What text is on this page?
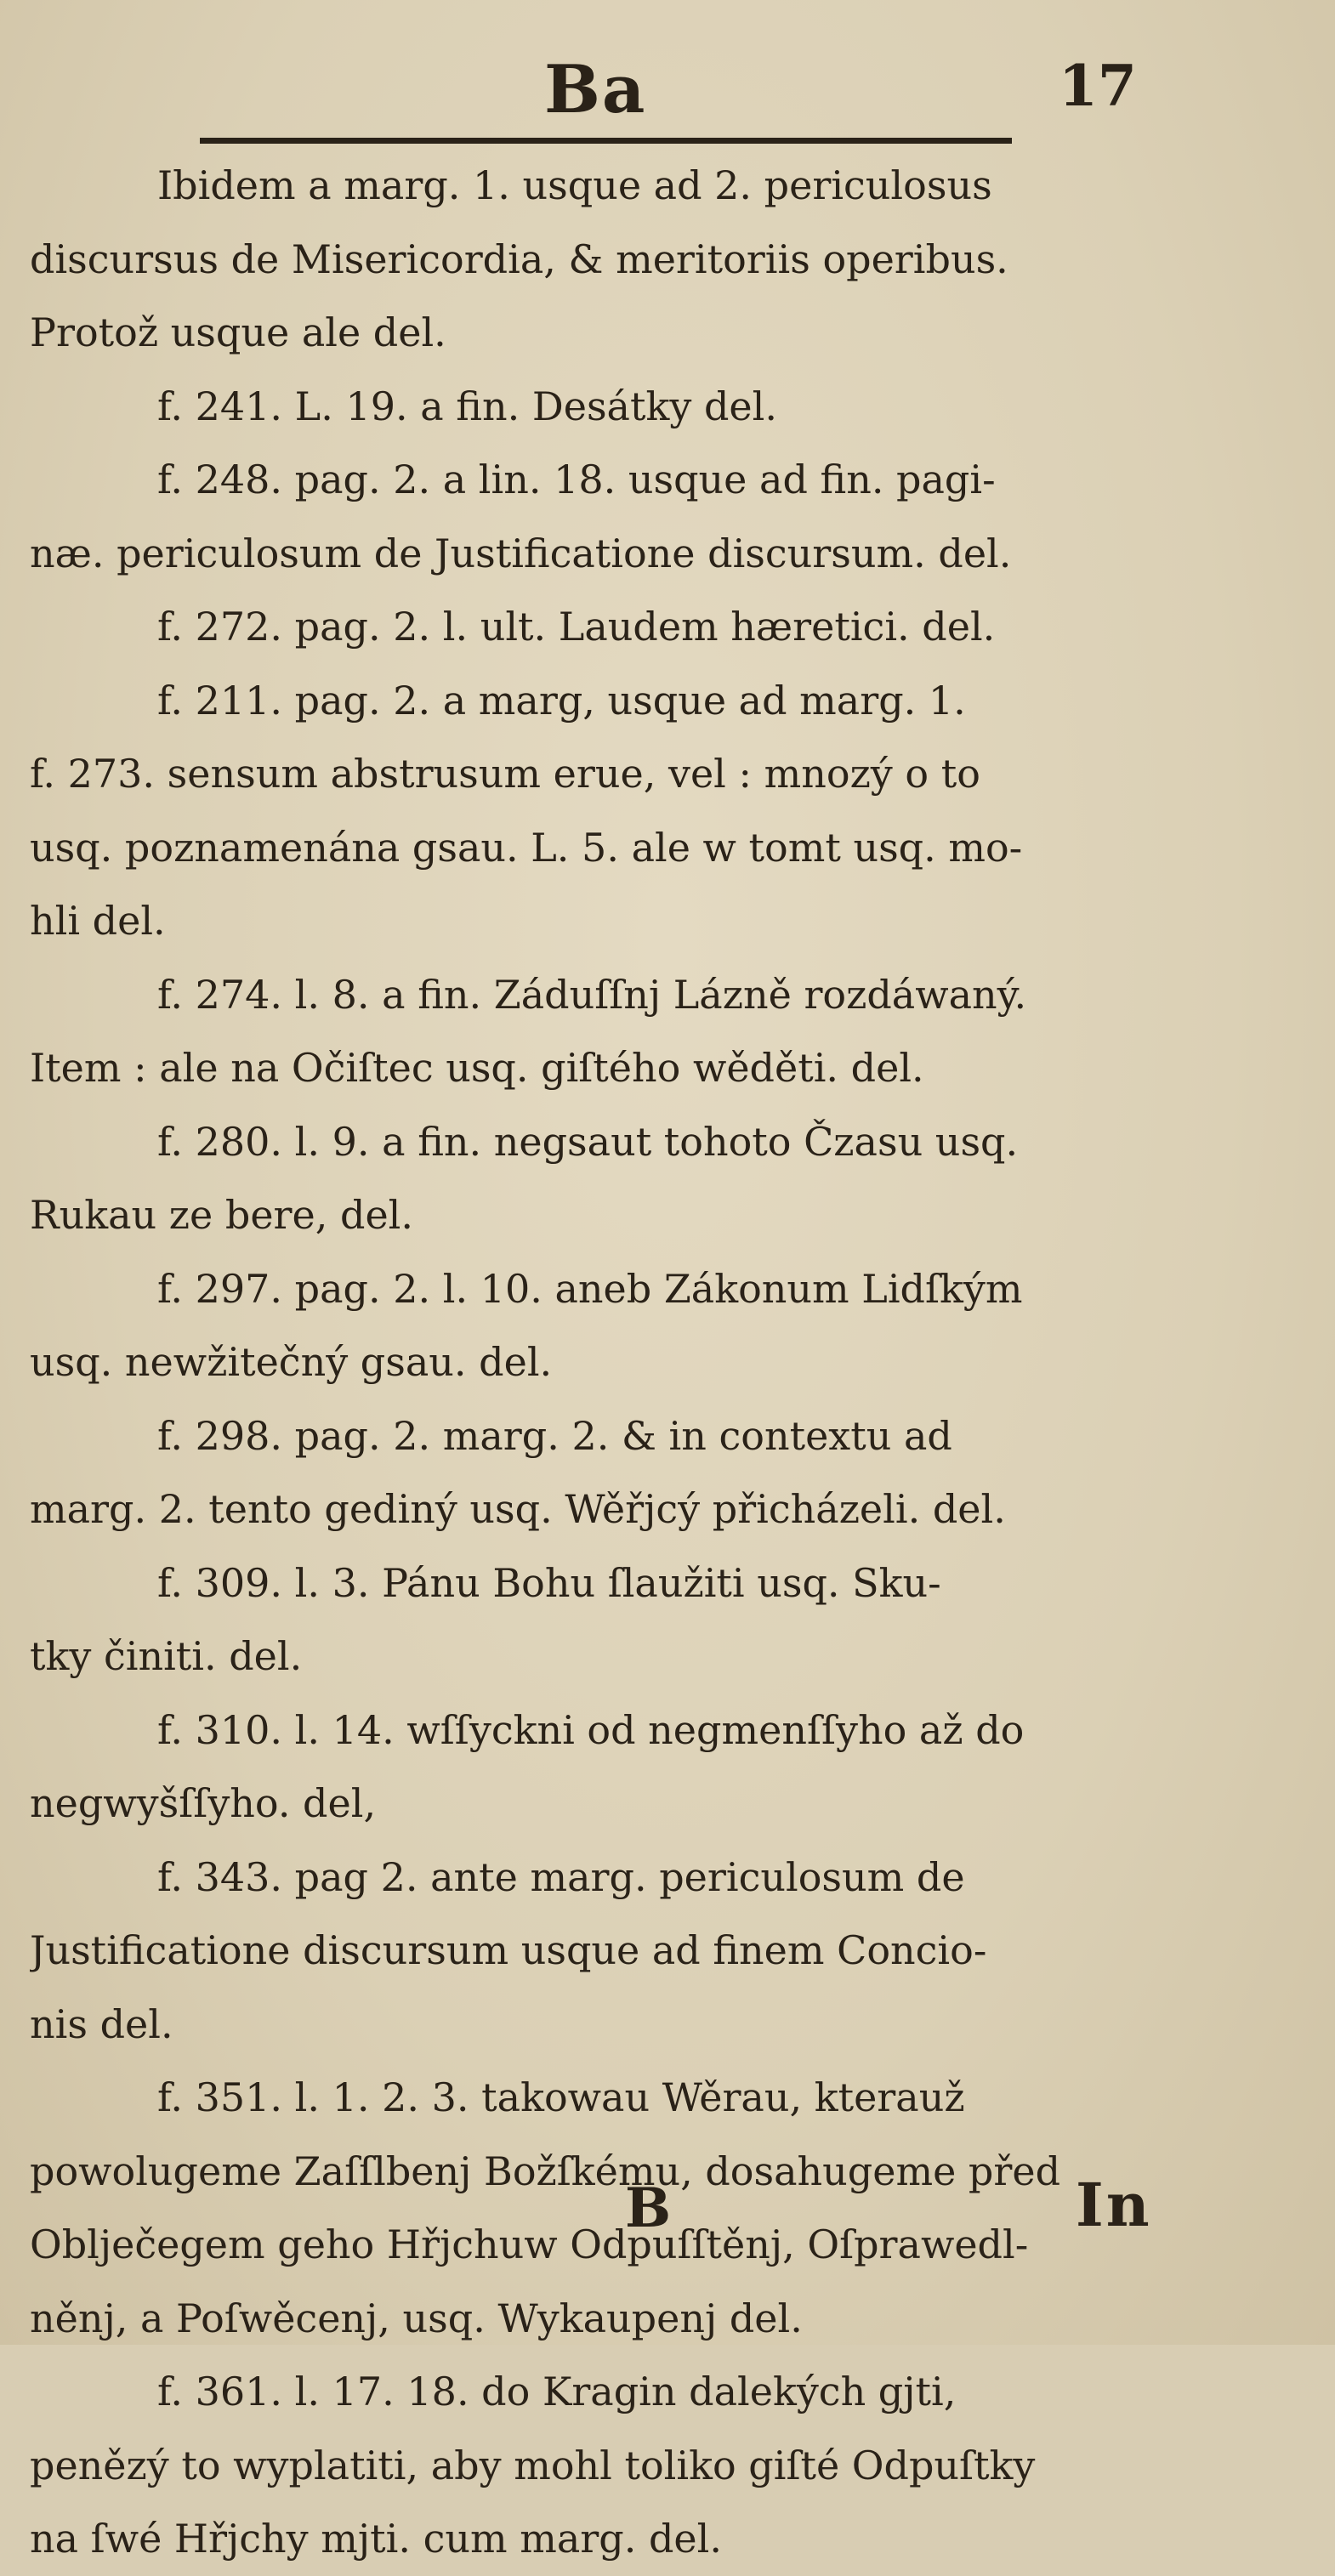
Ba	17
Ibidem a marg. 1. usque ad 2. periculosus
discursus de Misericordia, & meritoriis operibus.
Protož usque ale del.
f. 241. L. 19. a fin. Desátky del.
f. 248. pag. 2. a lin. 18. usque ad fin. pagi-
næ. periculosum de Justificatione discursum. del.
f. 272. pag. 2. l. ult. Laudem hæretici. del.
f. 211. pag. 2. a marg, usque ad marg. 1.
f. 273. sensum abstrusum erue, vel : mnozý o to
usq. poznamenána gsau. L. 5. ale w tomt usq. mo-
hli del.
f. 274. l. 8. a fin. Záduſſnj Lázně rozdáwaný.
Item : ale na Očiſtec usq. giſtého wěděti. del.
f. 280. l. 9. a fin. negsaut tohoto Čzasu usq.
Rukau ze bere, del.
f. 297. pag. 2. l. 10. aneb Zákonum Lidſkým
usq. newžitečný gsau. del.
f. 298. pag. 2. marg. 2. & in contextu ad
marg. 2. tento gediný usq. Wěřjcý přicházeli. del.
f. 309. l. 3. Pánu Bohu ſlaužiti usq. Sku-
tky činiti. del.
f. 310. l. 14. wſſyckni od negmenſſyho až do
negwyšſſyho. del,
f. 343. pag 2. ante marg. periculosum de
Justificatione discursum usque ad finem Concio-
nis del.
f. 351. l. 1. 2. 3. takowau Wěrau, kterauž
powolugeme Zaſſlbenj Božſkému, dosahugeme před
Oblječegem geho Hřjchuw Odpuſſtěnj, Oſprawedl-
něnj, a Poſwěcenj, usq. Wykaupenj del.
f. 361. l. 17. 18. do Kragin dalekých gjti,
penězý to wyplatiti, aby mohl toliko giſté Odpuſtky
na ſwé Hřjchy mjti. cum marg. del.
B	In
